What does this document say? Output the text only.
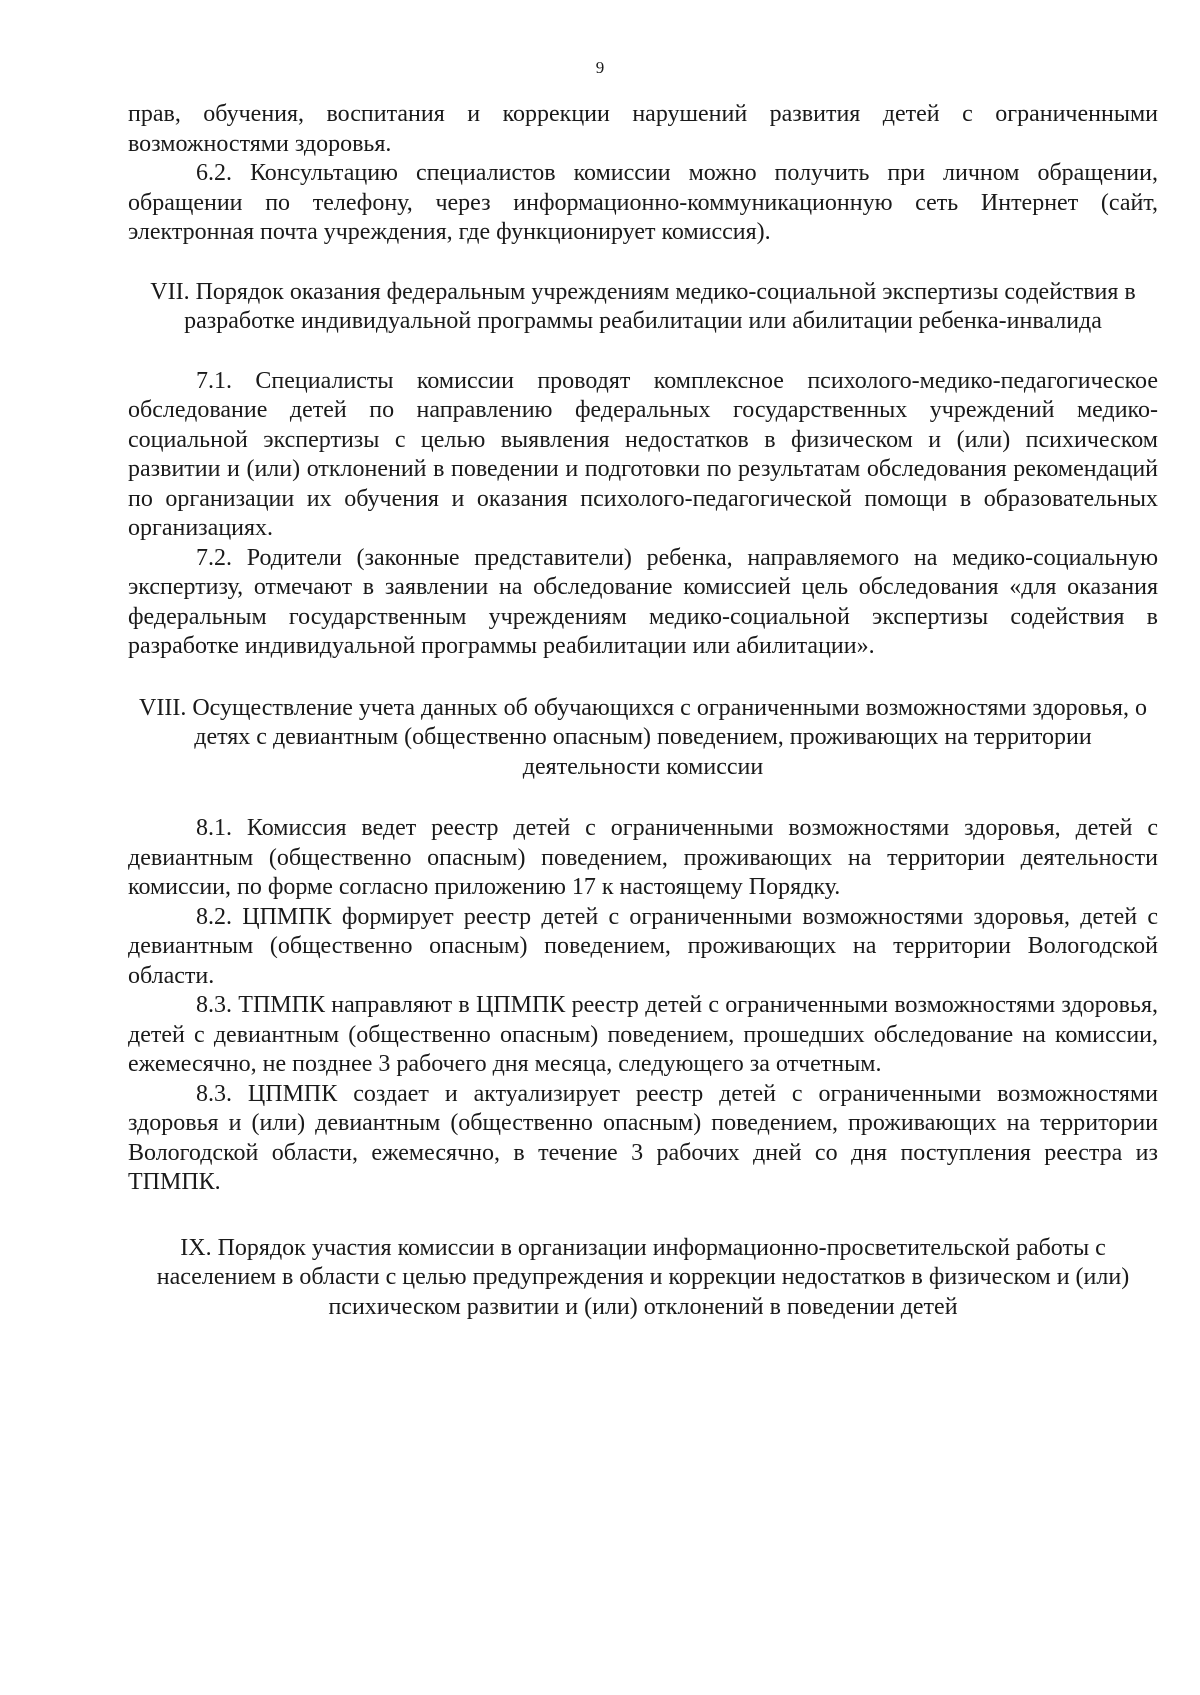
9

прав, обучения, воспитания и коррекции нарушений развития детей с ограниченными возможностями здоровья.

6.2. Консультацию специалистов комиссии можно получить при личном обращении, обращении по телефону, через информационно-коммуникационную сеть Интернет (сайт, электронная почта учреждения, где функционирует комиссия).

VII. Порядок оказания федеральным учреждениям медико-социальной экспертизы содействия в разработке индивидуальной программы реабилитации или абилитации ребенка-инвалида

7.1. Специалисты комиссии проводят комплексное психолого-медико-педагогическое обследование детей по направлению федеральных государственных учреждений медико-социальной экспертизы с целью выявления недостатков в физическом и (или) психическом развитии и (или) отклонений в поведении и подготовки по результатам обследования рекомендаций по организации их обучения и оказания психолого-педагогической помощи в образовательных организациях.

7.2. Родители (законные представители) ребенка, направляемого на медико-социальную экспертизу, отмечают в заявлении на обследование комиссией цель обследования «для оказания федеральным государственным учреждениям медико-социальной экспертизы содействия в разработке индивидуальной программы реабилитации или абилитации».

VIII. Осуществление учета данных об обучающихся с ограниченными возможностями здоровья, о детях с девиантным (общественно опасным) поведением, проживающих на территории деятельности комиссии

8.1. Комиссия ведет реестр детей с ограниченными возможностями здоровья, детей с девиантным (общественно опасным) поведением, проживающих на территории деятельности комиссии, по форме согласно приложению 17 к настоящему Порядку.

8.2. ЦПМПК формирует реестр детей с ограниченными возможностями здоровья, детей с девиантным (общественно опасным) поведением, проживающих на территории Вологодской области.

8.3. ТПМПК направляют в ЦПМПК реестр детей с ограниченными возможностями здоровья, детей с девиантным (общественно опасным) поведением, прошедших обследование на комиссии, ежемесячно, не позднее 3 рабочего дня месяца, следующего за отчетным.

8.3. ЦПМПК создает и актуализирует реестр детей с ограниченными возможностями здоровья и (или) девиантным (общественно опасным) поведением, проживающих на территории Вологодской области, ежемесячно, в течение 3 рабочих дней со дня поступления реестра из ТПМПК.

IX. Порядок участия комиссии в организации информационно-просветительской работы с населением в области с целью предупреждения и коррекции недостатков в физическом и (или) психическом развитии и (или) отклонений в поведении детей
